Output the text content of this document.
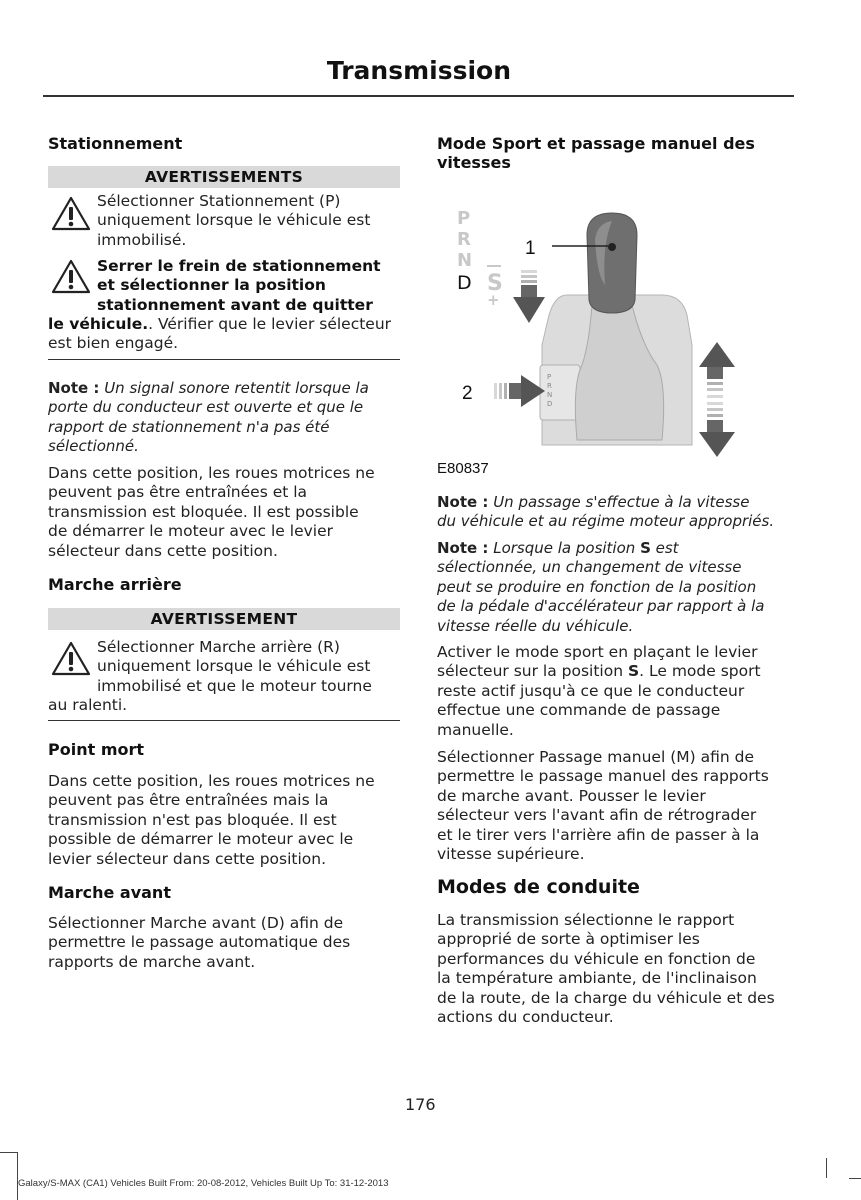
Transmission
Stationnement
AVERTISSEMENTS
Sélectionner Stationnement (P)
uniquement lorsque le véhicule est
immobilisé.
Serrer le frein de stationnement
et sélectionner la position
stationnement avant de quitter
le véhicule.. Vérifier que le levier sélecteur
est bien engagé.
Note : Un signal sonore retentit lorsque la
porte du conducteur est ouverte et que le
rapport de stationnement n'a pas été
sélectionné.
Dans cette position, les roues motrices ne
peuvent pas être entraînées et la
transmission est bloquée. Il est possible
de démarrer le moteur avec le levier
sélecteur dans cette position.
Marche arrière
AVERTISSEMENT
Sélectionner Marche arrière (R)
uniquement lorsque le véhicule est
immobilisé et que le moteur tourne
au ralenti.
Point mort
Dans cette position, les roues motrices ne
peuvent pas être entraînées mais la
transmission n'est pas bloquée. Il est
possible de démarrer le moteur avec le
levier sélecteur dans cette position.
Marche avant
Sélectionner Marche avant (D) afin de
permettre le passage automatique des
rapports de marche avant.
Mode Sport et passage manuel des
vitesses
P
R
N
D S
+
P
R
N
D
1
2
E80837
Note : Un passage s'effectue à la vitesse
du véhicule et au régime moteur appropriés.
Note : Lorsque la position S est
sélectionnée, un changement de vitesse
peut se produire en fonction de la position
de la pédale d'accélérateur par rapport à la
vitesse réelle du véhicule.
Activer le mode sport en plaçant le levier
sélecteur sur la position S. Le mode sport
reste actif jusqu'à ce que le conducteur
effectue une commande de passage
manuelle.
Sélectionner Passage manuel (M) afin de
permettre le passage manuel des rapports
de marche avant. Pousser le levier
sélecteur vers l'avant afin de rétrograder
et le tirer vers l'arrière afin de passer à la
vitesse supérieure.
Modes de conduite
La transmission sélectionne le rapport
approprié de sorte à optimiser les
performances du véhicule en fonction de
la température ambiante, de l'inclinaison
de la route, de la charge du véhicule et des
actions du conducteur.
176
Galaxy/S-MAX (CA1) Vehicles Built From: 20-08-2012, Vehicles Built Up To: 31-12-2013
